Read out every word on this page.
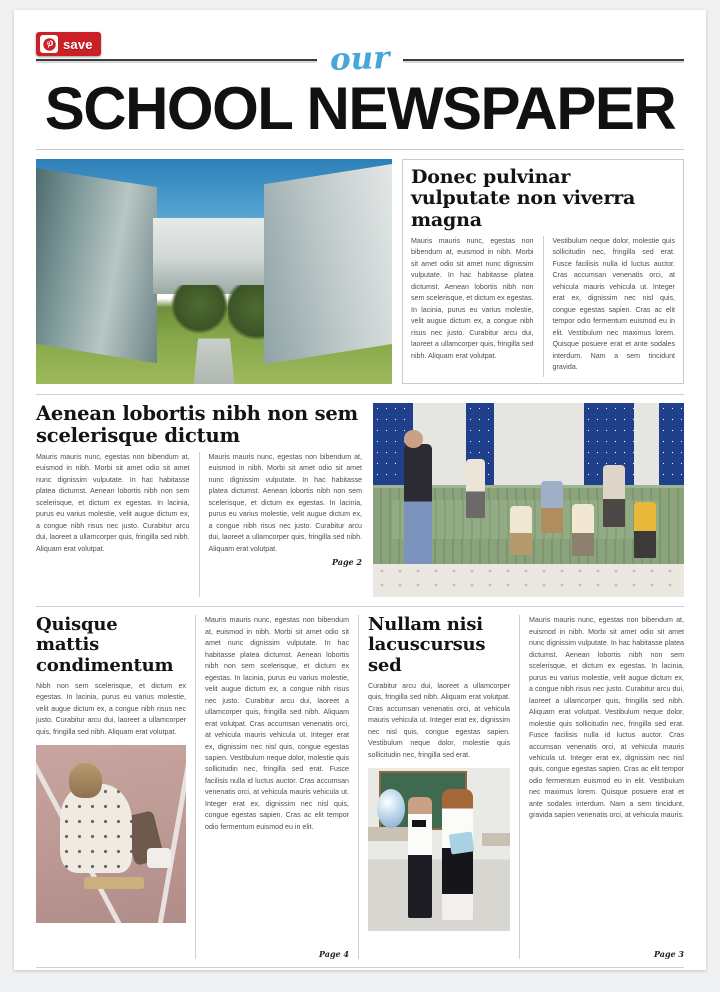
save	our
SCHOOL NEWSPAPER
Donec pulvinar vulputate non viverra magna
Mauris mauris nunc, egestas non bibendum at, euismod in nibh. Morbi sit amet odio sit amet nunc dignissim vulputate. In hac habitasse platea dictumst. Aenean lobortis nibh non sem scelerisque, et dictum ex egestas. In lacinia, purus eu varius molestie, velit augue dictum ex, a congue nibh risus nec justo. Curabitur arcu dui, laoreet a ullamcorper quis, fringilla sed nibh. Aliquam erat volutpat.
Vestibulum neque dolor, molestie quis sollicitudin nec, fringilla sed erat. Fusce facilisis nulla id luctus auctor. Cras accumsan venenatis orci, at vehicula mauris vehicula ut. Integer erat ex, dignissim nec nisl quis, congue egestas sapien. Cras ac elit tempor odio fermentum euismod eu in elit. Vestibulum nec maximus lorem. Quisque posuere erat et ante sodales interdum. Nam a sem tincidunt gravida.
Aenean lobortis nibh non sem scelerisque dictum
Mauris mauris nunc, egestas non bibendum at, euismod in nibh. Morbi sit amet odio sit amet nunc dignissim vulputate. In hac habitasse platea dictumst. Aenean lobortis nibh non sem scelerisque, et dictum ex egestas. In lacinia, purus eu varius molestie, velit augue dictum ex, a congue nibh risus nec justo. Curabitur arcu dui, laoreet a ullamcorper quis, fringilla sed nibh. Aliquam erat volutpat.
Mauris mauris nunc, egestas non bibendum at, euismod in nibh. Morbi sit amet odio sit amet nunc dignissim vulputate. In hac habitasse platea dictumst. Aenean lobortis nibh non sem scelerisque, et dictum ex egestas. In lacinia, purus eu varius molestie, velit augue dictum ex, a congue nibh risus nec justo. Curabitur arcu dui, laoreet a ullamcorper quis, fringilla sed nibh. Aliquam erat volutpat.
Page 2
Quisque mattis condimentum
Nibh non sem scelerisque, et dictum ex egestas. In lacinia, purus eu varius molestie, velit augue dictum ex, a congue nibh risus nec justo. Curabitur arcu dui, laoreet a ullamcorper quis, fringilla sed nibh. Aliquam erat volutpat.
Mauris mauris nunc, egestas non bibendum at, euismod in nibh. Morbi sit amet odio sit amet nunc dignissim vulputate. In hac habitasse platea dictumst. Aenean lobortis nibh non sem scelerisque, et dictum ex egestas. In lacinia, purus eu varius molestie, velit augue dictum ex, a congue nibh risus nec justo. Curabitur arcu dui, laoreet a ullamcorper quis, fringilla sed nibh. Aliquam erat volutpat. Cras accumsan venenatis orci, at vehicula mauris vehicula ut. Integer erat ex, dignissim nec nisl quis, congue egestas sapien. Vestibulum neque dolor, molestie quis sollicitudin nec, fringilla sed erat. Fusce facilisis nulla id luctus auctor. Cras accumsan venenatis orci, at vehicula mauris vehicula ut. Integer erat ex, dignissim nec nisl quis, congue egestas sapien. Cras ac elit tempor odio fermentum euismod eu in elit.
Page 4
Nullam nisi lacuscursus sed
Curabitur arcu dui, laoreet a ullamcorper quis, fringilla sed nibh. Aliquam erat volutpat. Cras accumsan venenatis orci, at vehicula mauris vehicula ut. Integer erat ex, dignissim nec nisl quis, congue egestas sapien. Vestibulum neque dolor, molestie quis sollicitudin nec, fringilla sed erat.
Mauris mauris nunc, egestas non bibendum at, euismod in nibh. Morbi sit amet odio sit amet nunc dignissim vulputate. In hac habitasse platea dictumst. Aenean lobortis nibh non sem scelerisque, et dictum ex egestas. In lacinia, purus eu varius molestie, velit augue dictum ex, a congue nibh risus nec justo. Curabitur arcu dui, laoreet a ullamcorper quis, fringilla sed nibh. Aliquam erat volutpat. Vestibulum neque dolor, molestie quis sollicitudin nec, fringilla sed erat. Fusce facilisis nulla id luctus auctor. Cras accumsan venenatis orci, at vehicula mauris vehicula ut. Integer erat ex, dignissim nec nisl quis, congue egestas sapien. Cras ac elit tempor odio fermentum euismod eu in elit. Vestibulum nec maximus lorem. Quisque posuere erat et ante sodales interdum. Nam a sem tincidunt, gravida sapien venenatis orci, at vehicula mauris.
Page 3
